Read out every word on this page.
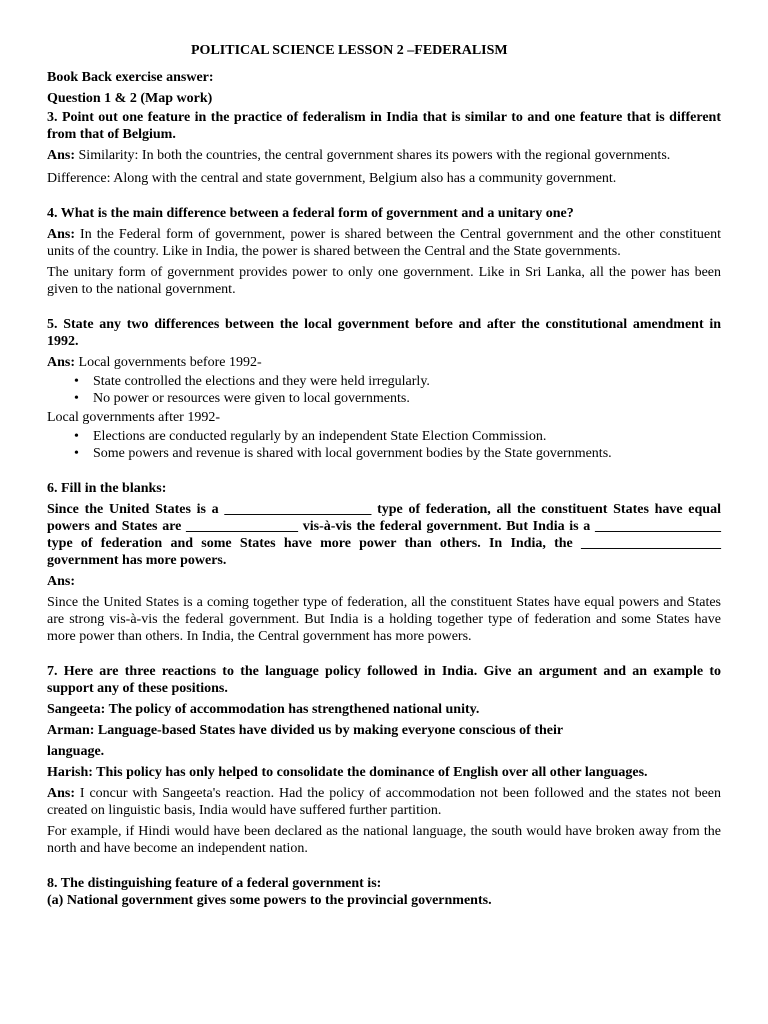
POLITICAL SCIENCE LESSON 2 –FEDERALISM

Book Back exercise answer:

Question 1 & 2 (Map work)

3. Point out one feature in the practice of federalism in India that is similar to and one feature that is different from that of Belgium.

Ans: Similarity: In both the countries, the central government shares its powers with the regional governments.

Difference: Along with the central and state government, Belgium also has a community government.

4. What is the main difference between a federal form of government and a unitary one?

Ans: In the Federal form of government, power is shared between the Central government and the other constituent units of the country. Like in India, the power is shared between the Central and the State governments.

The unitary form of government provides power to only one government. Like in Sri Lanka, all the power has been given to the national government.

5. State any two differences between the local government before and after the constitutional amendment in 1992.

Ans: Local governments before 1992-

• State controlled the elections and they were held irregularly.
• No power or resources were given to local governments.

Local governments after 1992-

• Elections are conducted regularly by an independent State Election Commission.
• Some powers and revenue is shared with local government bodies by the State governments.

6. Fill in the blanks:

Since the United States is a _____________________ type of federation, all the constituent States have equal powers and States are ________________ vis-à-vis the federal government. But India is a __________________ type of federation and some States have more power than others. In India, the ____________________ government has more powers.

Ans:

Since the United States is a coming together type of federation, all the constituent States have equal powers and States are strong vis-à-vis the federal government. But India is a holding together type of federation and some States have more power than others. In India, the Central government has more powers.

7. Here are three reactions to the language policy followed in India. Give an argument and an example to support any of these positions.

Sangeeta: The policy of accommodation has strengthened national unity.

Arman: Language-based States have divided us by making everyone conscious of their

language.

Harish: This policy has only helped to consolidate the dominance of English over all other languages.

Ans: I concur with Sangeeta's reaction. Had the policy of accommodation not been followed and the states not been created on linguistic basis, India would have suffered further partition.

For example, if Hindi would have been declared as the national language, the south would have broken away from the north and have become an independent nation.

8. The distinguishing feature of a federal government is:

(a) National government gives some powers to the provincial governments.
